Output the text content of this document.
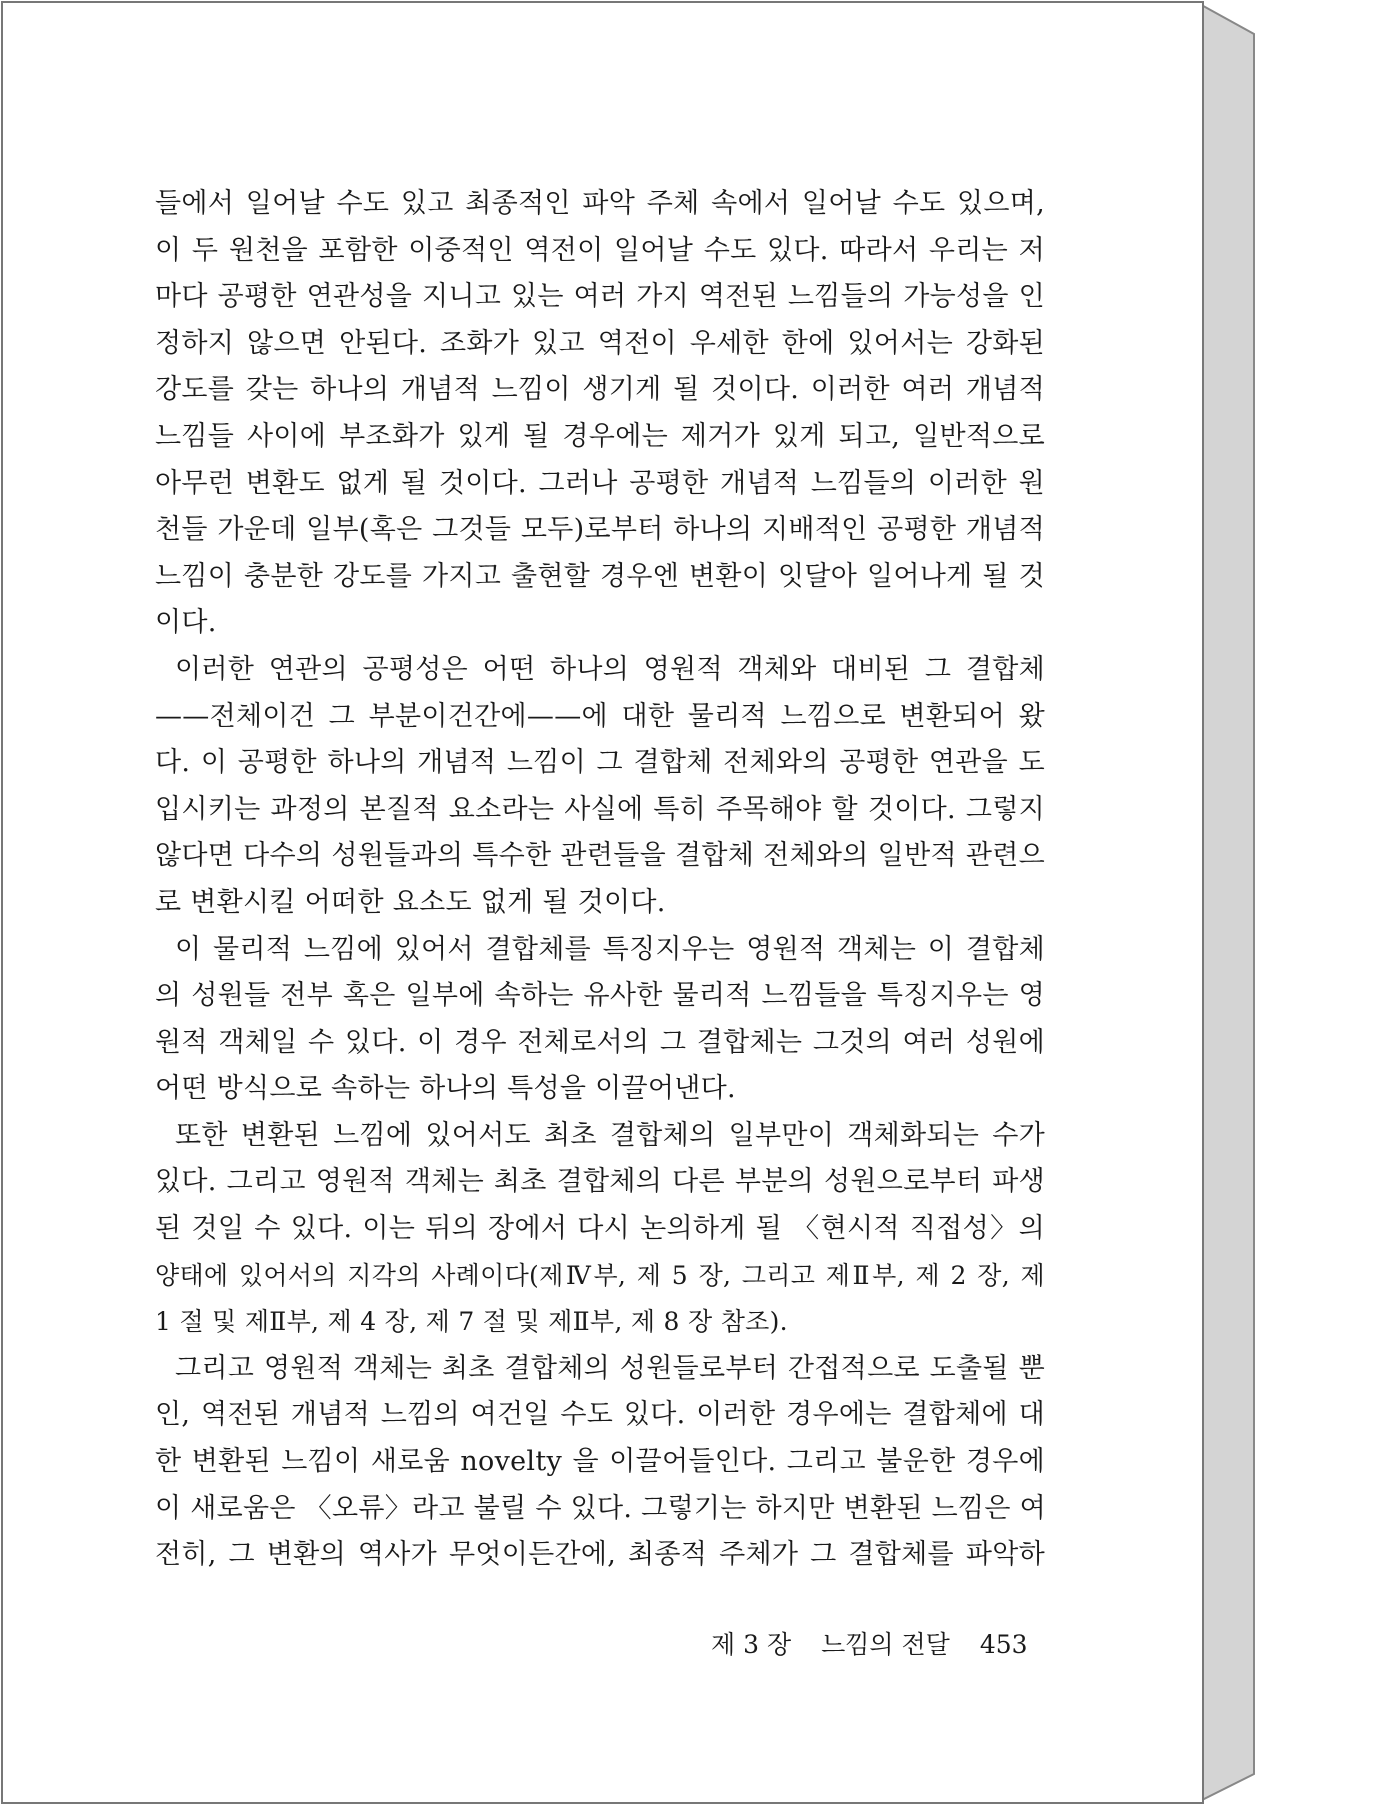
들에서 일어날 수도 있고 최종적인 파악 주체 속에서 일어날 수도 있으며,
이 두 원천을 포함한 이중적인 역전이 일어날 수도 있다. 따라서 우리는 저
마다 공평한 연관성을 지니고 있는 여러 가지 역전된 느낌들의 가능성을 인
정하지 않으면 안된다. 조화가 있고 역전이 우세한 한에 있어서는 강화된
강도를 갖는 하나의 개념적 느낌이 생기게 될 것이다. 이러한 여러 개념적
느낌들 사이에 부조화가 있게 될 경우에는 제거가 있게 되고, 일반적으로
아무런 변환도 없게 될 것이다. 그러나 공평한 개념적 느낌들의 이러한 원
천들 가운데 일부(혹은 그것들 모두)로부터 하나의 지배적인 공평한 개념적
느낌이 충분한 강도를 가지고 출현할 경우엔 변환이 잇달아 일어나게 될 것
이다.
이러한 연관의 공평성은 어떤 하나의 영원적 객체와 대비된 그 결합체
——전체이건 그 부분이건간에——에 대한 물리적 느낌으로 변환되어 왔
다. 이 공평한 하나의 개념적 느낌이 그 결합체 전체와의 공평한 연관을 도
입시키는 과정의 본질적 요소라는 사실에 특히 주목해야 할 것이다. 그렇지
않다면 다수의 성원들과의 특수한 관련들을 결합체 전체와의 일반적 관련으
로 변환시킬 어떠한 요소도 없게 될 것이다.
이 물리적 느낌에 있어서 결합체를 특징지우는 영원적 객체는 이 결합체
의 성원들 전부 혹은 일부에 속하는 유사한 물리적 느낌들을 특징지우는 영
원적 객체일 수 있다. 이 경우 전체로서의 그 결합체는 그것의 여러 성원에
어떤 방식으로 속하는 하나의 특성을 이끌어낸다.
또한 변환된 느낌에 있어서도 최초 결합체의 일부만이 객체화되는 수가
있다. 그리고 영원적 객체는 최초 결합체의 다른 부분의 성원으로부터 파생
된 것일 수 있다. 이는 뒤의 장에서 다시 논의하게 될 〈현시적 직접성〉의
양태에 있어서의 지각의 사례이다(제Ⅳ부, 제 5 장, 그리고 제Ⅱ부, 제 2 장, 제
1 절 및 제Ⅱ부, 제 4 장, 제 7 절 및 제Ⅱ부, 제 8 장 참조).
그리고 영원적 객체는 최초 결합체의 성원들로부터 간접적으로 도출될 뿐
인, 역전된 개념적 느낌의 여건일 수도 있다. 이러한 경우에는 결합체에 대
한 변환된 느낌이 새로움 novelty 을 이끌어들인다. 그리고 불운한 경우에
이 새로움은 〈오류〉라고 불릴 수 있다. 그렇기는 하지만 변환된 느낌은 여
전히, 그 변환의 역사가 무엇이든간에, 최종적 주체가 그 결합체를 파악하
제 3 장 느낌의 전달 453
